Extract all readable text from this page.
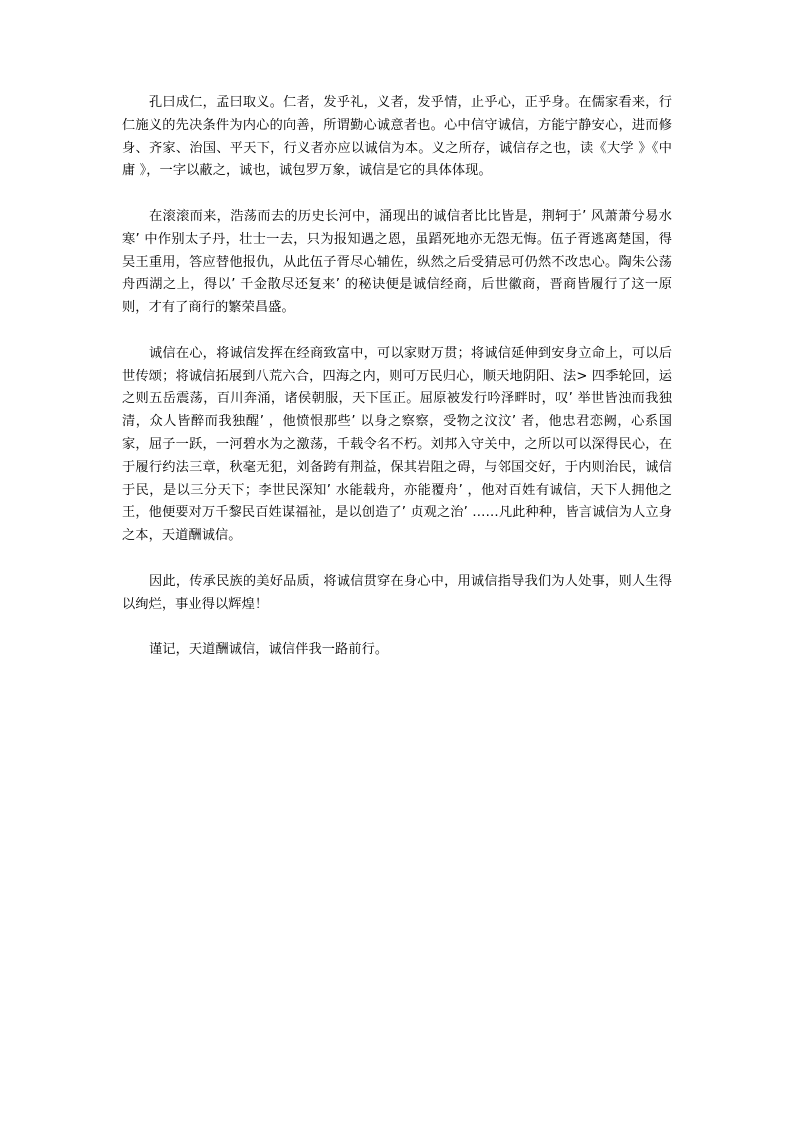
孔曰成仁，孟曰取义。仁者，发乎礼，义者，发乎情，止乎心，正乎身。在儒家看来，行仁施义的先决条件为内心的向善，所谓勤心诚意者也。心中信守诚信，方能宁静安心，进而修身、齐家、治国、平天下，行义者亦应以诚信为本。义之所存，诚信存之也，读《大学 》《中庸 》，一字以蔽之，诚也，诚包罗万象，诚信是它的具体体现。

在滚滚而来，浩荡而去的历史长河中，涌现出的诚信者比比皆是，荆轲于’ 风萧萧兮易水寒’ 中作别太子丹，壮士一去，只为报知遇之恩，虽蹈死地亦无怨无悔。伍子胥逃离楚国，得吴王重用，答应替他报仇，从此伍子胥尽心辅佐，纵然之后受猜忌可仍然不改忠心。陶朱公荡舟西湖之上，得以’ 千金散尽还复来’ 的秘诀便是诚信经商，后世徽商，晋商皆履行了这一原则，才有了商行的繁荣昌盛。

诚信在心，将诚信发挥在经商致富中，可以家财万贯；将诚信延伸到安身立命上，可以后世传颂；将诚信拓展到八荒六合，四海之内，则可万民归心，顺天地阴阳、法> 四季轮回，运之则五岳震荡，百川奔涌，诸侯朝服，天下匡正。屈原被发行吟泽畔时，叹’ 举世皆浊而我独清，众人皆醉而我独醒’ ，他愤恨那些’ 以身之察察，受物之汶汶’ 者，他忠君恋阙，心系国家，屈子一跃，一河碧水为之激荡，千载令名不朽。刘邦入守关中，之所以可以深得民心，在于履行约法三章，秋毫无犯，刘备跨有荆益，保其岩阻之碍，与邻国交好，于内则治民，诚信于民，是以三分天下；李世民深知’ 水能载舟，亦能覆舟’ ，他对百姓有诚信，天下人拥他之王，他便要对万千黎民百姓谋福祉，是以创造了’ 贞观之治’ ……凡此种种，皆言诚信为人立身之本，天道酬诚信。

因此，传承民族的美好品质，将诚信贯穿在身心中，用诚信指导我们为人处事，则人生得以绚烂，事业得以辉煌！

谨记，天道酬诚信，诚信伴我一路前行。
